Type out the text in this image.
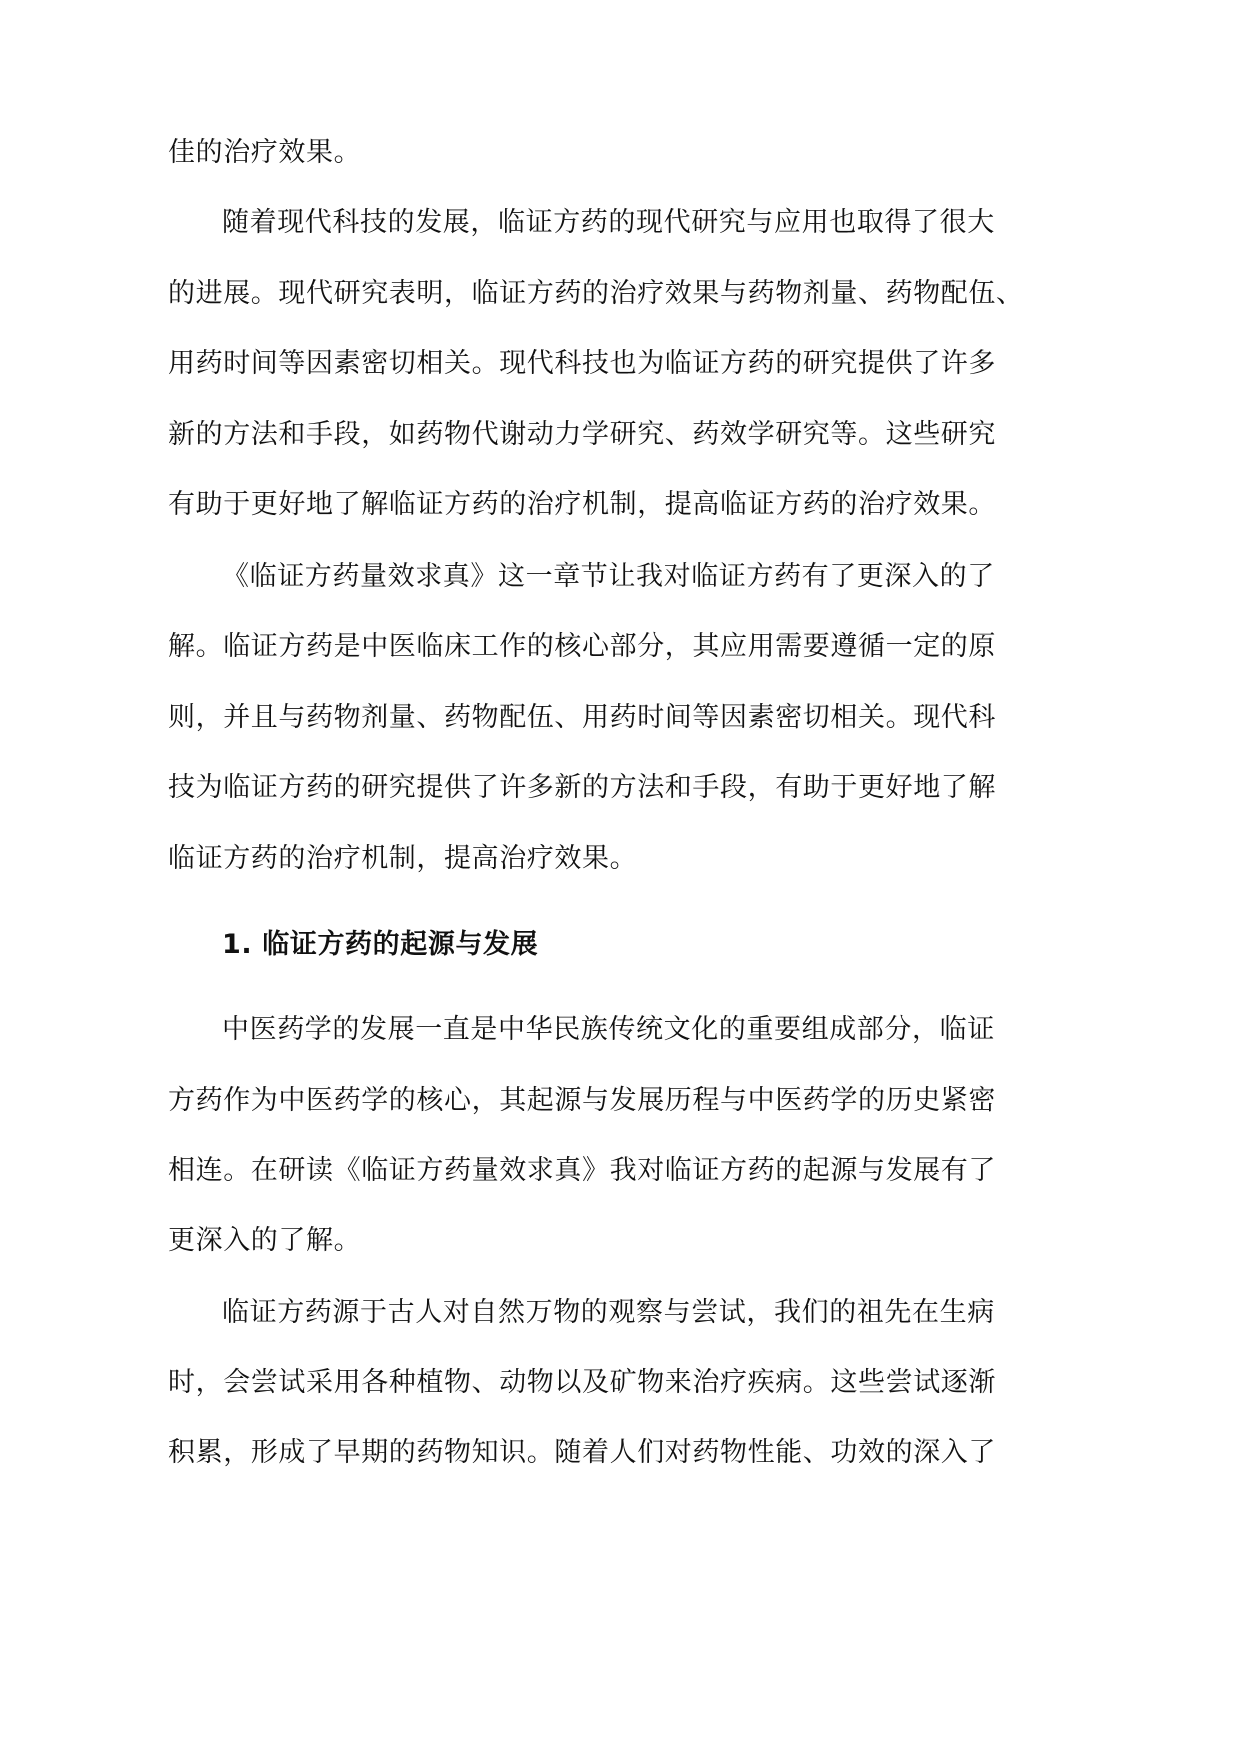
佳的治疗效果。
随着现代科技的发展，临证方药的现代研究与应用也取得了很大
的进展。现代研究表明，临证方药的治疗效果与药物剂量、药物配伍、
用药时间等因素密切相关。现代科技也为临证方药的研究提供了许多
新的方法和手段，如药物代谢动力学研究、药效学研究等。这些研究
有助于更好地了解临证方药的治疗机制，提高临证方药的治疗效果。
《临证方药量效求真》这一章节让我对临证方药有了更深入的了
解。临证方药是中医临床工作的核心部分，其应用需要遵循一定的原
则，并且与药物剂量、药物配伍、用药时间等因素密切相关。现代科
技为临证方药的研究提供了许多新的方法和手段，有助于更好地了解
临证方药的治疗机制，提高治疗效果。
1. 临证方药的起源与发展
中医药学的发展一直是中华民族传统文化的重要组成部分，临证
方药作为中医药学的核心，其起源与发展历程与中医药学的历史紧密
相连。在研读《临证方药量效求真》我对临证方药的起源与发展有了
更深入的了解。
临证方药源于古人对自然万物的观察与尝试，我们的祖先在生病
时，会尝试采用各种植物、动物以及矿物来治疗疾病。这些尝试逐渐
积累，形成了早期的药物知识。随着人们对药物性能、功效的深入了
